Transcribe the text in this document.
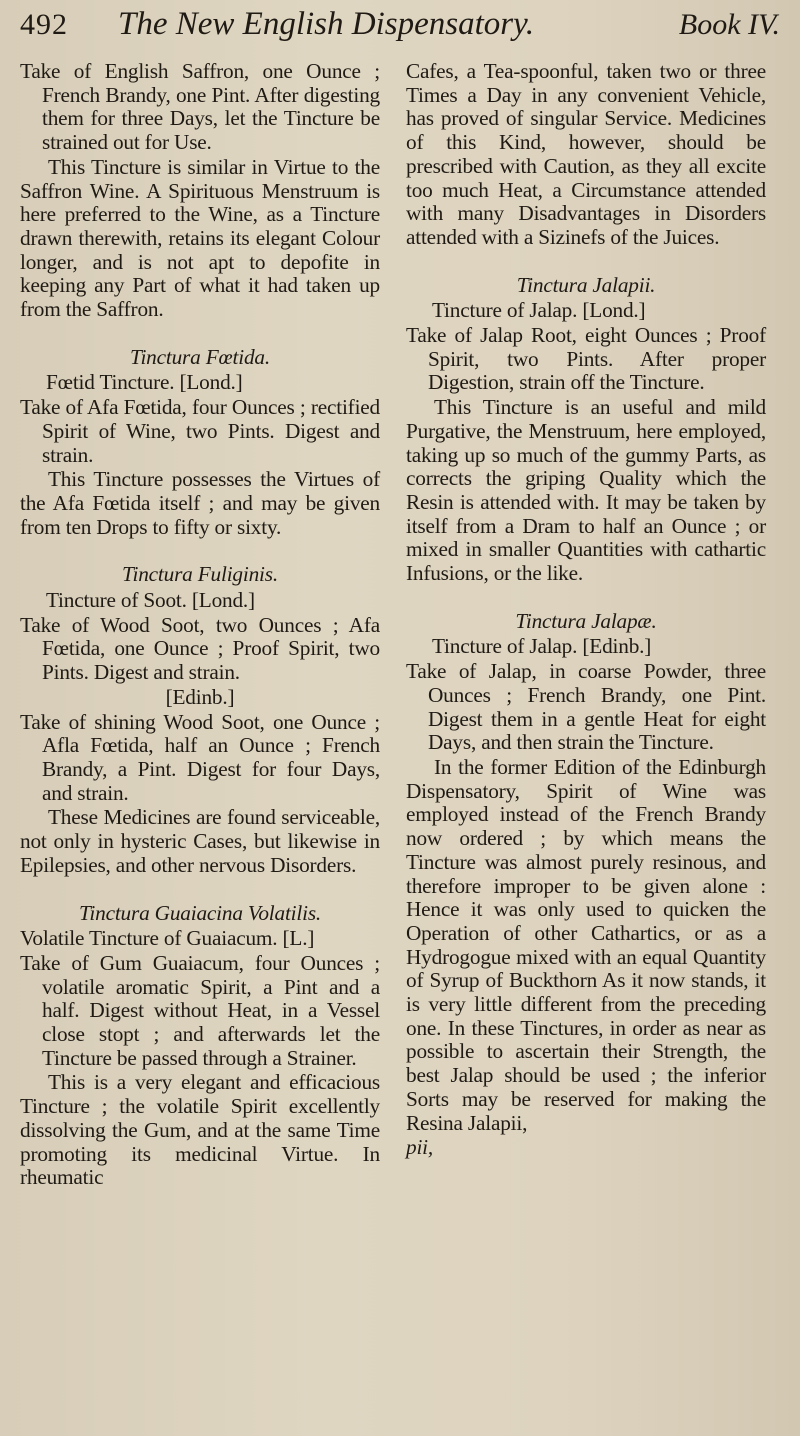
492	The New English Dispensatory.	Book IV.

Take of English Saffron, one Ounce ; French Brandy, one Pint. After digesting them for three Days, let the Tincture be strained out for Use.

This Tincture is similar in Virtue to the Saffron Wine. A Spirituous Menstruum is here preferred to the Wine, as a Tincture drawn therewith, retains its elegant Colour longer, and is not apt to depofite in keeping any Part of what it had taken up from the Saffron.

Tinctura Fœtida.

Fœtid Tincture. [Lond.]

Take of Afa Fœtida, four Ounces ; rectified Spirit of Wine, two Pints. Digest and strain.

This Tincture possesses the Virtues of the Afa Fœtida itself ; and may be given from ten Drops to fifty or sixty.

Tinctura Fuliginis.

Tincture of Soot. [Lond.]

Take of Wood Soot, two Ounces ; Afa Fœtida, one Ounce ; Proof Spirit, two Pints. Digest and strain.

[Edinb.]

Take of shining Wood Soot, one Ounce ; Afla Fœtida, half an Ounce ; French Brandy, a Pint. Digest for four Days, and strain.

These Medicines are found serviceable, not only in hysteric Cases, but likewise in Epilepsies, and other nervous Disorders.

Tinctura Guaiacina Volatilis.

Volatile Tincture of Guaiacum. [L.]

Take of Gum Guaiacum, four Ounces ; volatile aromatic Spirit, a Pint and a half. Digest without Heat, in a Vessel close stopt ; and afterwards let the Tincture be passed through a Strainer.

This is a very elegant and efficacious Tincture ; the volatile Spirit excellently dissolving the Gum, and at the same Time promoting its medicinal Virtue. In rheumatic

Cafes, a Tea-spoonful, taken two or three Times a Day in any convenient Vehicle, has proved of singular Service. Medicines of this Kind, however, should be prescribed with Caution, as they all excite too much Heat, a Circumstance attended with many Disadvantages in Disorders attended with a Sizinefs of the Juices.

Tinctura Jalapii.

Tincture of Jalap. [Lond.]

Take of Jalap Root, eight Ounces ; Proof Spirit, two Pints. After proper Digestion, strain off the Tincture.

This Tincture is an useful and mild Purgative, the Menstruum, here employed, taking up so much of the gummy Parts, as corrects the griping Quality which the Resin is attended with. It may be taken by itself from a Dram to half an Ounce ; or mixed in smaller Quantities with cathartic Infusions, or the like.

Tinctura Jalapæ.

Tincture of Jalap. [Edinb.]

Take of Jalap, in coarse Powder, three Ounces ; French Brandy, one Pint. Digest them in a gentle Heat for eight Days, and then strain the Tincture.

In the former Edition of the Edinburgh Dispensatory, Spirit of Wine was employed instead of the French Brandy now ordered ; by which means the Tincture was almost purely resinous, and therefore improper to be given alone : Hence it was only used to quicken the Operation of other Cathartics, or as a Hydrogogue mixed with an equal Quantity of Syrup of Buckthorn As it now stands, it is very little different from the preceding one. In these Tinctures, in order as near as possible to ascertain their Strength, the best Jalap should be used ; the inferior Sorts may be reserved for making the Resina Jalapii,

pii,
